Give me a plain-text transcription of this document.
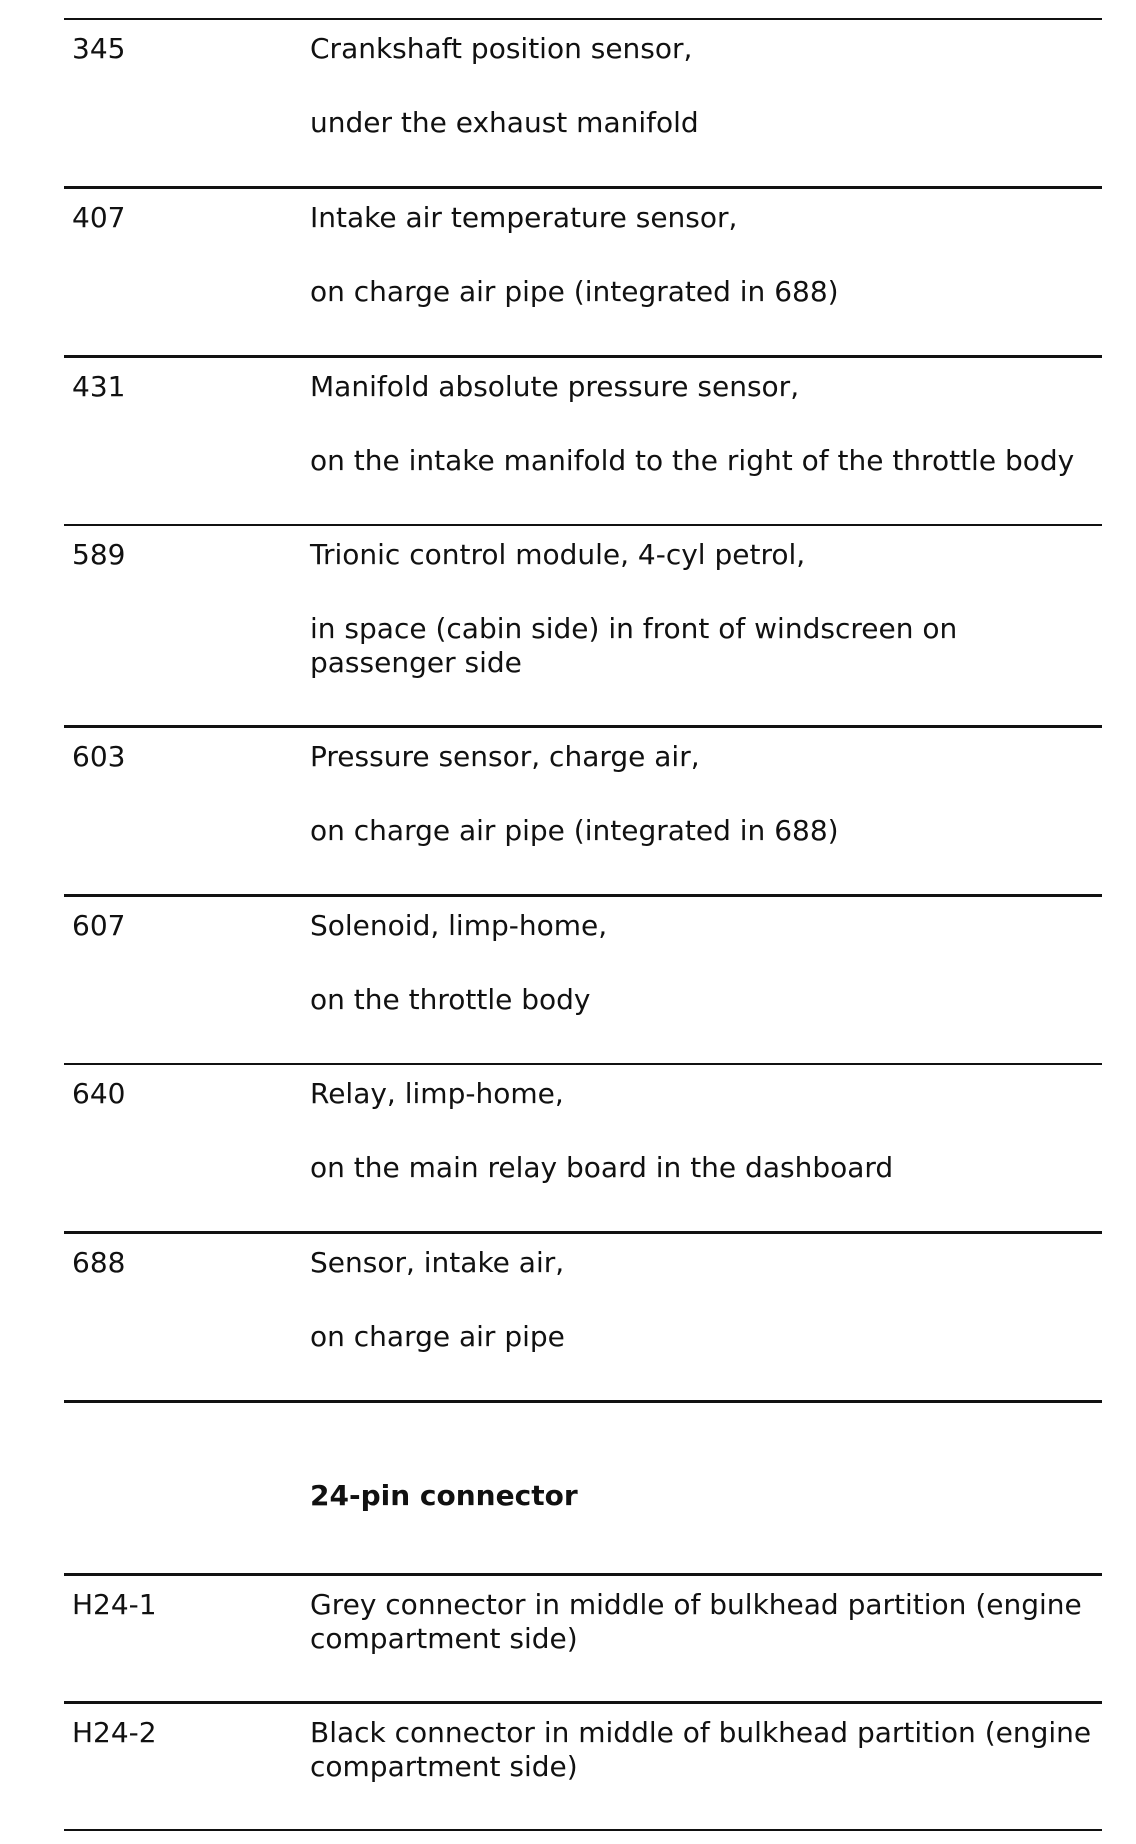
345	Crankshaft position sensor,

under the exhaust manifold

407	Intake air temperature sensor,

on charge air pipe (integrated in 688)

431	Manifold absolute pressure sensor,

on the intake manifold to the right of the throttle body

589	Trionic control module, 4-cyl petrol,

in space (cabin side) in front of windscreen on passenger side

603	Pressure sensor, charge air,

on charge air pipe (integrated in 688)

607	Solenoid, limp-home,

on the throttle body

640	Relay, limp-home,

on the main relay board in the dashboard

688	Sensor, intake air,

on charge air pipe

24-pin connector
H24-1	Grey connector in middle of bulkhead partition (engine compartment side)
H24-2	Black connector in middle of bulkhead partition (engine compartment side)
